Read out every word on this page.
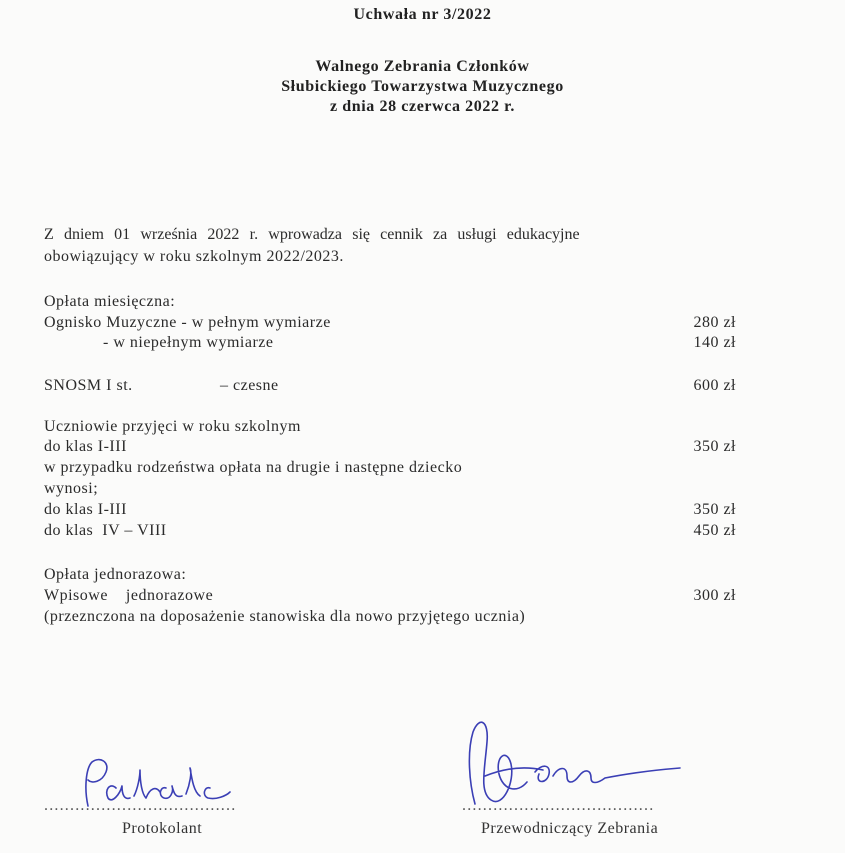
Uchwała nr 3/2022
Walnego Zebrania Członków
Słubickiego Towarzystwa Muzycznego
z dnia 28 czerwca 2022 r.
Z dniem 01 września 2022 r. wprowadza się cennik za usługi edukacyjne
obowiązujący w roku szkolnym 2022/2023.
Opłata miesięczna:
Ognisko Muzyczne - w pełnym wymiarze	280 zł
- w niepełnym wymiarze	140 zł
SNOSM I st.	– czesne	600 zł
Uczniowie przyjęci w roku szkolnym
do klas I-III	350 zł
w przypadku rodzeństwa opłata na drugie i następne dziecko
wynosi;
do klas I-III	350 zł
do klas  IV – VIII	450 zł
Opłata jednorazowa:
Wpisowe    jednorazowe	300 zł
(przeznczona na doposażenie stanowiska dla nowo przyjętego ucznia)
.....................................
Protokolant
.....................................
Przewodniczący Zebrania
